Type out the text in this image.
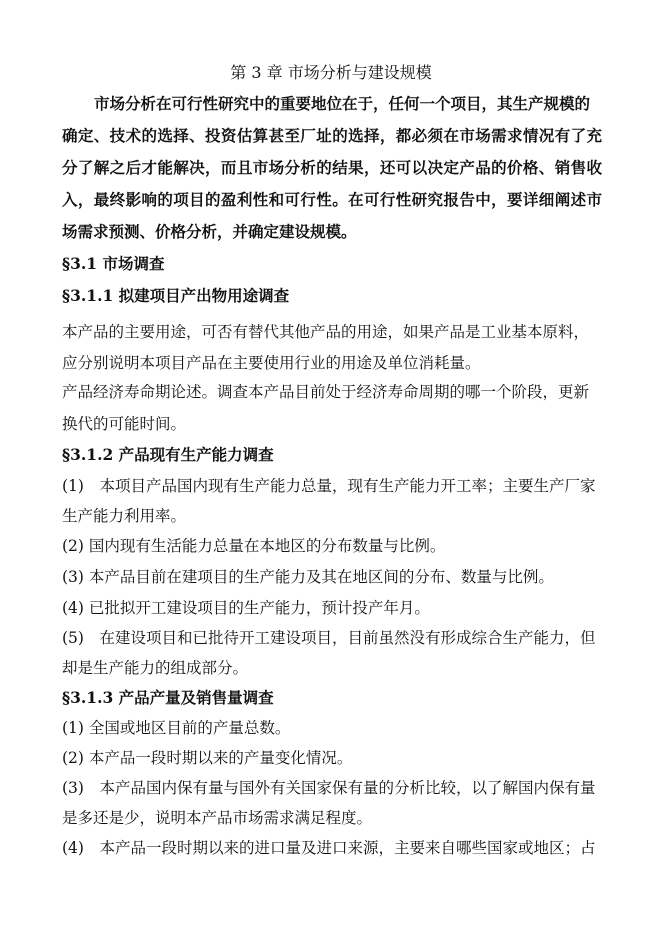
第 3 章 市场分析与建设规模
市场分析在可行性研究中的重要地位在于，任何一个项目，其生产规模的
确定、技术的选择、投资估算甚至厂址的选择，都必须在市场需求情况有了充
分了解之后才能解决，而且市场分析的结果，还可以决定产品的价格、销售收
入，最终影响的项目的盈利性和可行性。在可行性研究报告中，要详细阐述市
场需求预测、价格分析，并确定建设规模。
§3.1 市场调查
§3.1.1 拟建项目产出物用途调查
本产品的主要用途，可否有替代其他产品的用途，如果产品是工业基本原料，
应分别说明本项目产品在主要使用行业的用途及单位消耗量。
产品经济寿命期论述。调查本产品目前处于经济寿命周期的哪一个阶段，更新
换代的可能时间。
§3.1.2 产品现有生产能力调查
(1)　本项目产品国内现有生产能力总量，现有生产能力开工率；主要生产厂家
生产能力利用率。
(2) 国内现有生活能力总量在本地区的分布数量与比例。
(3) 本产品目前在建项目的生产能力及其在地区间的分布、数量与比例。
(4) 已批拟开工建设项目的生产能力，预计投产年月。
(5)　在建设项目和已批待开工建设项目，目前虽然没有形成综合生产能力，但
却是生产能力的组成部分。
§3.1.3 产品产量及销售量调查
(1) 全国或地区目前的产量总数。
(2) 本产品一段时期以来的产量变化情况。
(3)　本产品国内保有量与国外有关国家保有量的分析比较，以了解国内保有量
是多还是少，说明本产品市场需求满足程度。
(4)　本产品一段时期以来的进口量及进口来源，主要来自哪些国家或地区；占
